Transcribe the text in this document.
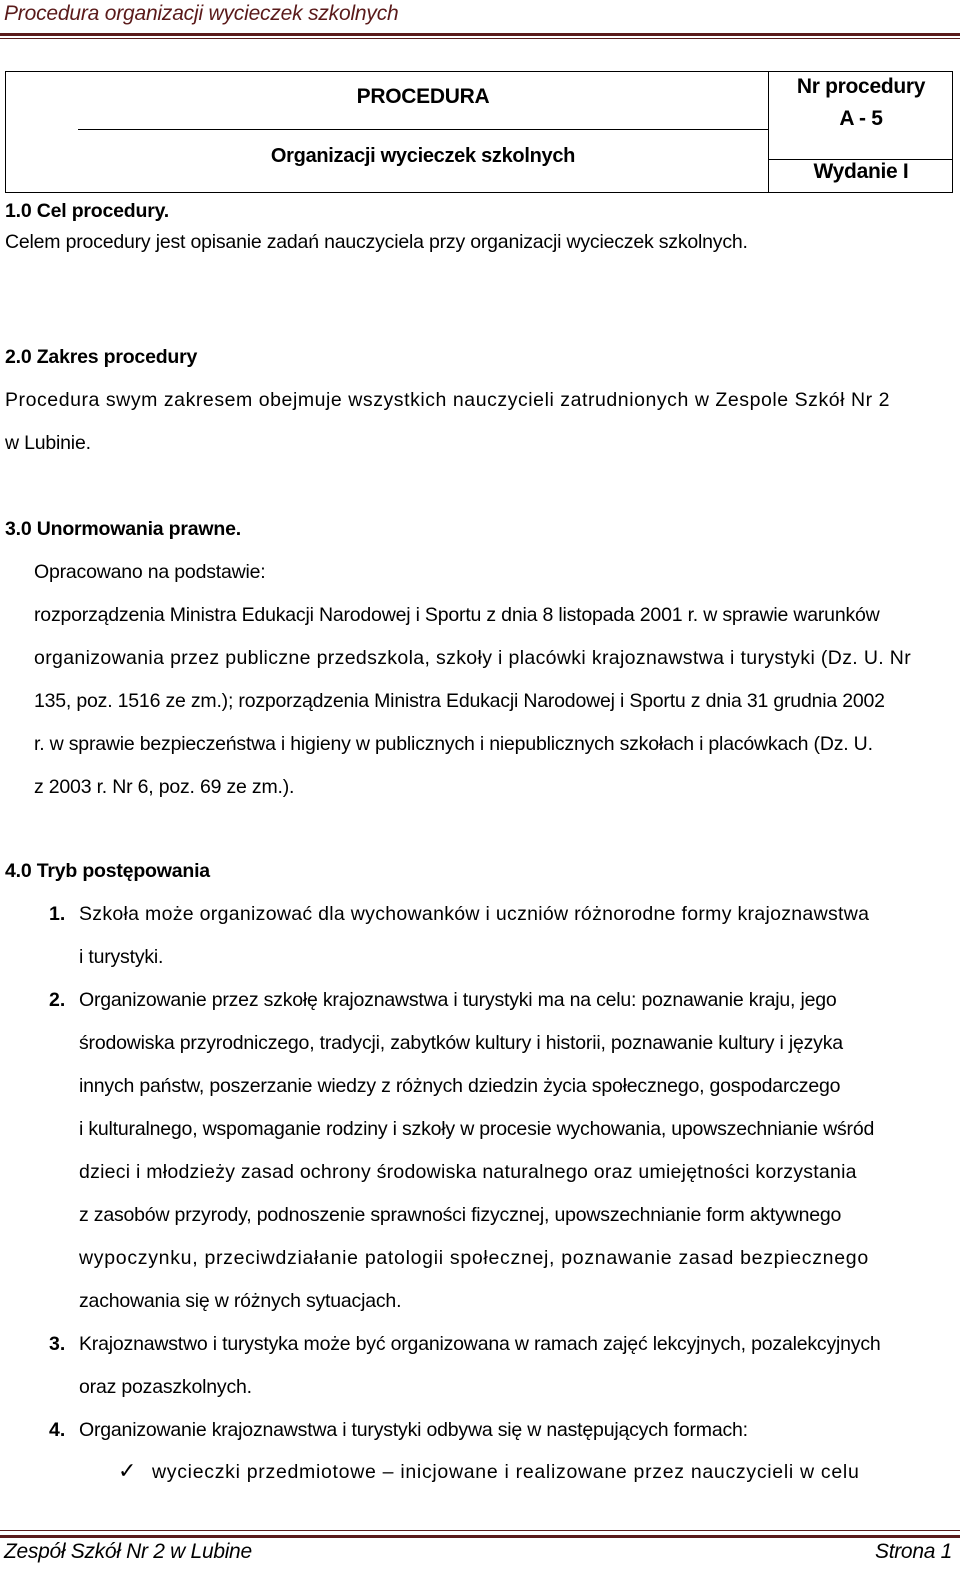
Procedura organizacji wycieczek szkolnych
PROCEDURA
Organizacji wycieczek szkolnych
Nr procedury
A - 5
Wydanie I
1.0 Cel procedury.
Celem procedury jest opisanie zadań nauczyciela przy organizacji wycieczek szkolnych.
2.0 Zakres procedury
Procedura swym zakresem obejmuje wszystkich nauczycieli zatrudnionych w Zespole Szkół Nr 2
w Lubinie.
3.0 Unormowania prawne.
Opracowano na podstawie:
rozporządzenia Ministra Edukacji Narodowej i Sportu z dnia 8 listopada 2001 r. w sprawie warunków
organizowania przez publiczne przedszkola, szkoły i placówki krajoznawstwa i turystyki (Dz. U. Nr
135, poz. 1516 ze zm.); rozporządzenia Ministra Edukacji Narodowej i Sportu z dnia 31 grudnia 2002
r. w sprawie bezpieczeństwa i higieny w publicznych i niepublicznych szkołach i placówkach (Dz. U.
z 2003 r. Nr 6, poz. 69 ze zm.).
4.0 Tryb postępowania
1. Szkoła może organizować dla wychowanków i uczniów różnorodne formy krajoznawstwa
i turystyki.
2. Organizowanie przez szkołę krajoznawstwa i turystyki ma na celu: poznawanie kraju, jego
środowiska przyrodniczego, tradycji, zabytków kultury i historii, poznawanie kultury i języka
innych państw, poszerzanie wiedzy z różnych dziedzin życia społecznego, gospodarczego
i kulturalnego, wspomaganie rodziny i szkoły w procesie wychowania, upowszechnianie wśród
dzieci i młodzieży zasad ochrony środowiska naturalnego oraz umiejętności korzystania
z zasobów przyrody, podnoszenie sprawności fizycznej, upowszechnianie form aktywnego
wypoczynku, przeciwdziałanie patologii społecznej, poznawanie zasad bezpiecznego
zachowania się w różnych sytuacjach.
3. Krajoznawstwo i turystyka może być organizowana w ramach zajęć lekcyjnych, pozalekcyjnych
oraz pozaszkolnych.
4. Organizowanie krajoznawstwa i turystyki odbywa się w następujących formach:
✓ wycieczki przedmiotowe – inicjowane i realizowane przez nauczycieli w celu
Zespół Szkół Nr 2 w Lubine	Strona 1
